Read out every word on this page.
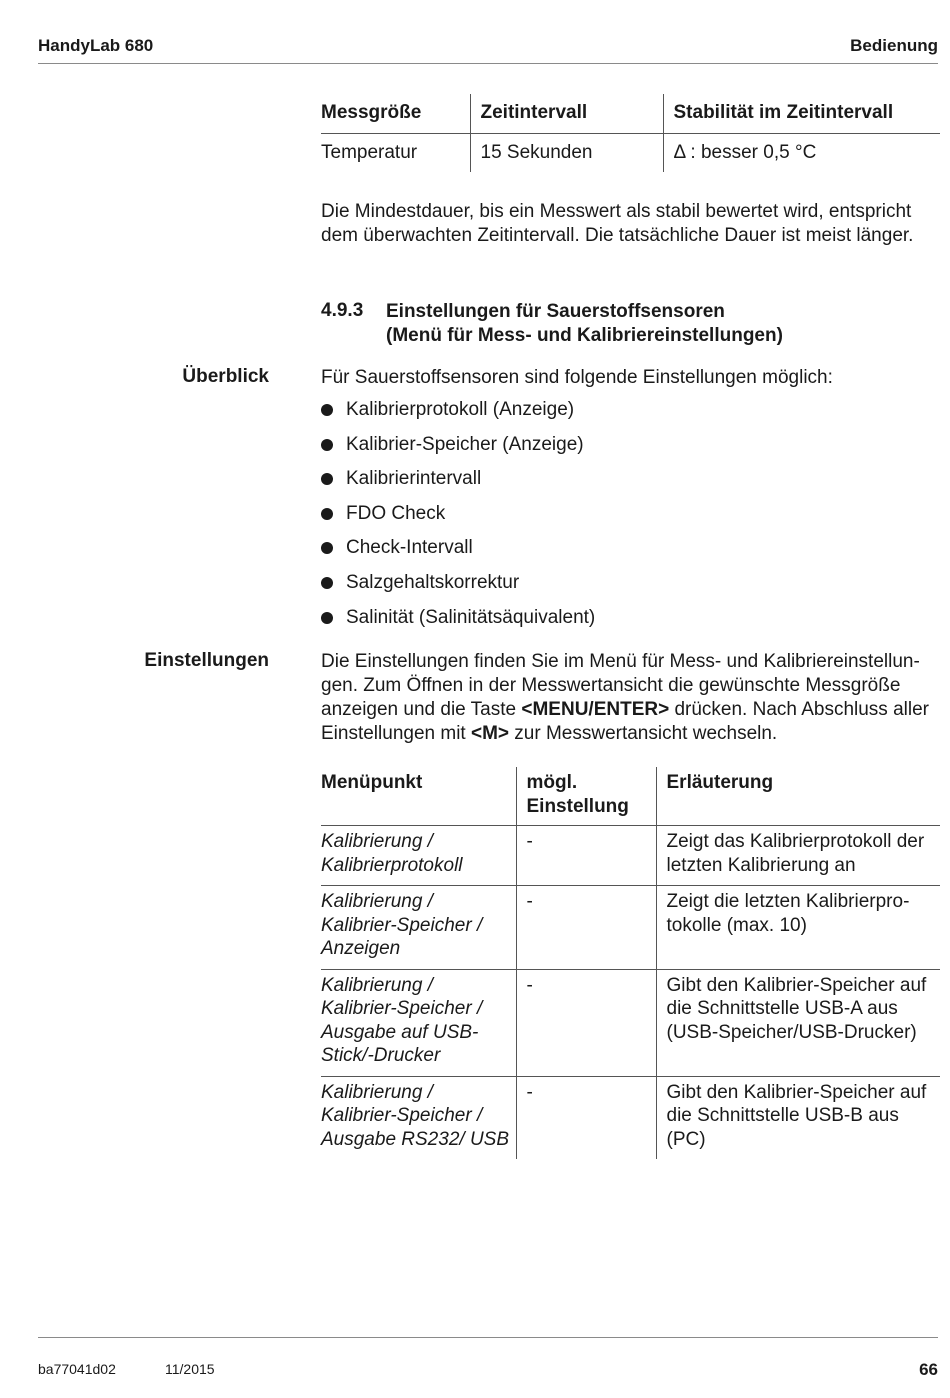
HandyLab 680	Bedienung
Messgröße	Zeitintervall	Stabilität im Zeitintervall
Temperatur	15 Sekunden	Δ : besser 0,5 °C

Die Mindestdauer, bis ein Messwert als stabil bewertet wird, entspricht dem überwachten Zeitintervall. Die tatsächliche Dauer ist meist länger.

4.9.3 Einstellungen für Sauerstoffsensoren
(Menü für Mess- und Kalibriereinstellungen)
Überblick	Für Sauerstoffsensoren sind folgende Einstellungen möglich:

Kalibrierprotokoll (Anzeige)
Kalibrier-Speicher (Anzeige)
Kalibrierintervall
FDO Check
Check-Intervall
Salzgehaltskorrektur
Salinität (Salinitätsäquivalent)
Einstellungen	Die Einstellungen finden Sie im Menü für Mess- und Kalibriereinstellun-gen. Zum Öffnen in der Messwertansicht die gewünschte Messgröße anzeigen und die Taste <MENU/ENTER> drücken. Nach Abschluss aller Einstellungen mit <M> zur Messwertansicht wechseln.

Menüpunkt	mögl. Einstellung	Erläuterung
Kalibrierung / Kalibrierprotokoll	-	Zeigt das Kalibrierprotokoll der letzten Kalibrierung an
Kalibrierung / Kalibrier-Speicher / Anzeigen	-	Zeigt die letzten Kalibrierpro-tokolle (max. 10)
Kalibrierung / Kalibrier-Speicher / Ausgabe auf USB-Stick/-Drucker	-	Gibt den Kalibrier-Speicher auf die Schnittstelle USB-A aus (USB-Speicher/USB-Drucker)
Kalibrierung / Kalibrier-Speicher / Ausgabe RS232/ USB	-	Gibt den Kalibrier-Speicher auf die Schnittstelle USB-B aus (PC)
ba77041d02	11/2015	66
